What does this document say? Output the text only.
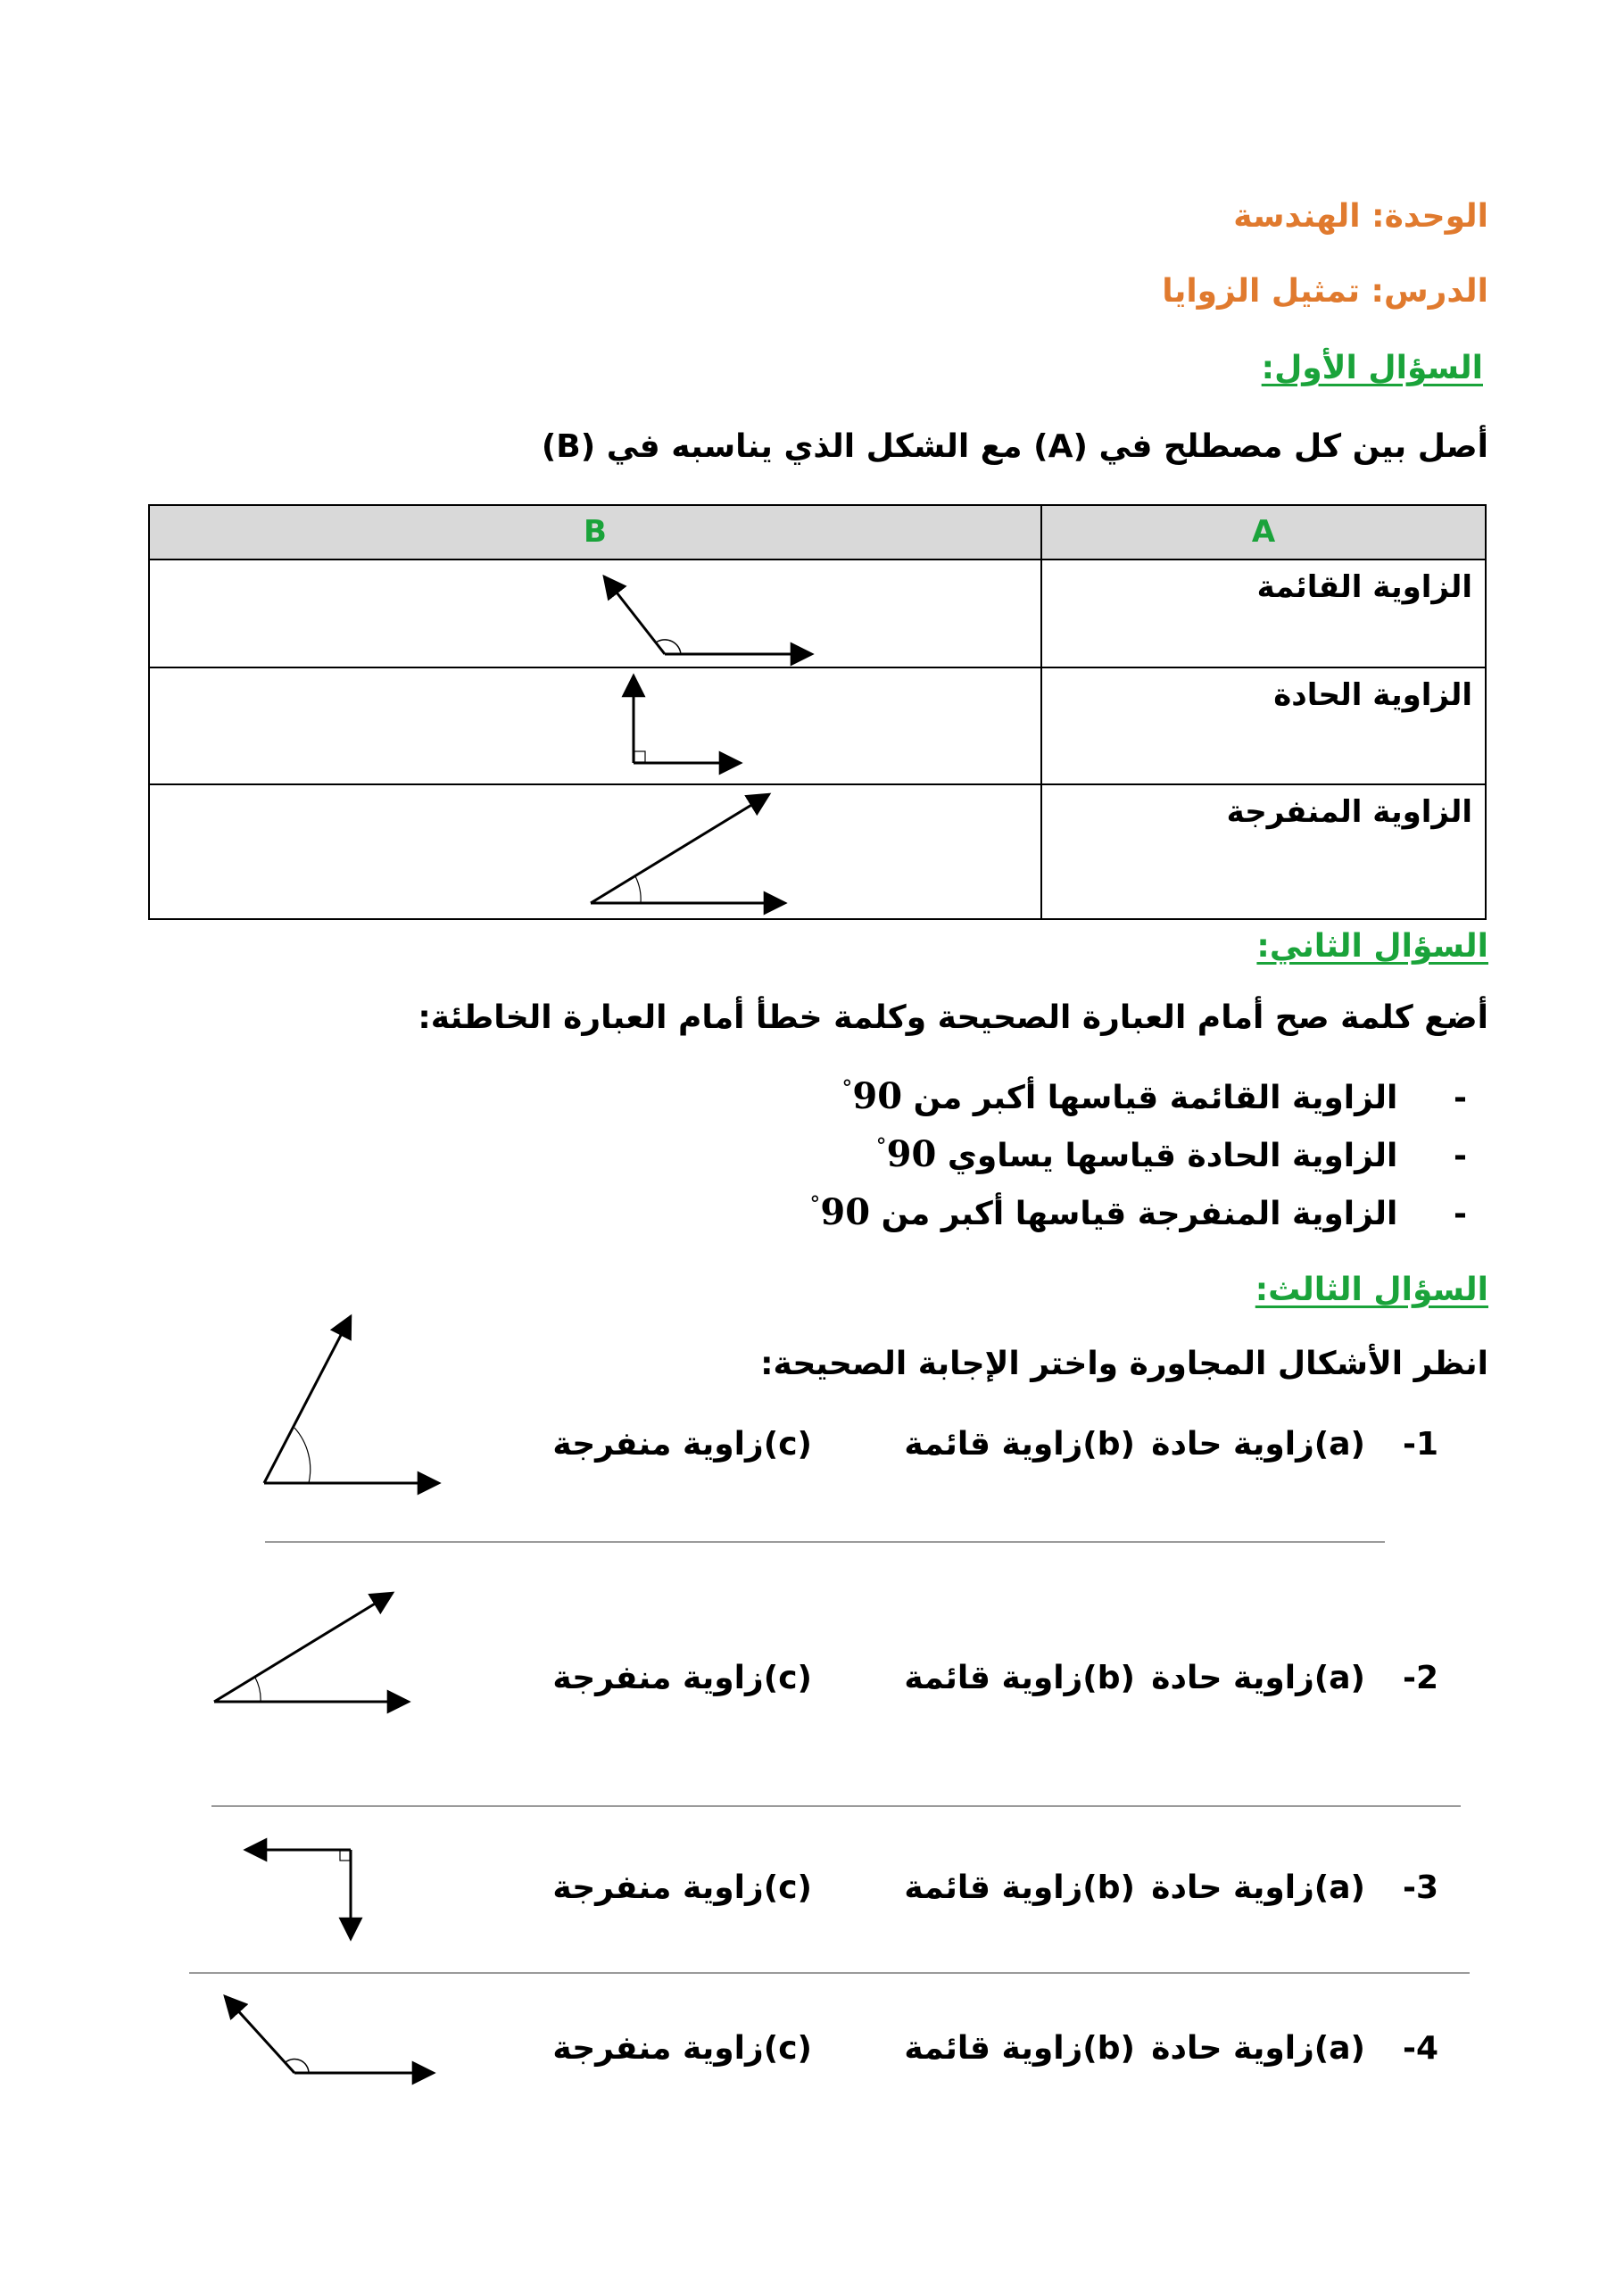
الوحدة: الهندسة
الدرس: تمثيل الزوايا
السؤال الأول:
أصل بين كل مصطلح في (A) مع الشكل الذي يناسبه في (B)
B	A
	الزاوية القائمة
	الزاوية الحادة
	الزاوية المنفرجة
السؤال الثاني:
أضع كلمة صح أمام العبارة الصحيحة وكلمة خطأ أمام العبارة الخاطئة:
-     الزاوية القائمة قياسها أكبر من °90
-     الزاوية الحادة قياسها يساوي °90
-     الزاوية المنفرجة قياسها أكبر من °90
السؤال الثالث:
انظر الأشكال المجاورة واختر الإجابة الصحيحة:
1-
(a)زاوية حادة
(b)زاوية قائمة
(c)زاوية منفرجة
2-
(a)زاوية حادة
(b)زاوية قائمة
(c)زاوية منفرجة
3-
(a)زاوية حادة
(b)زاوية قائمة
(c)زاوية منفرجة
4-
(a)زاوية حادة
(b)زاوية قائمة
(c)زاوية منفرجة
